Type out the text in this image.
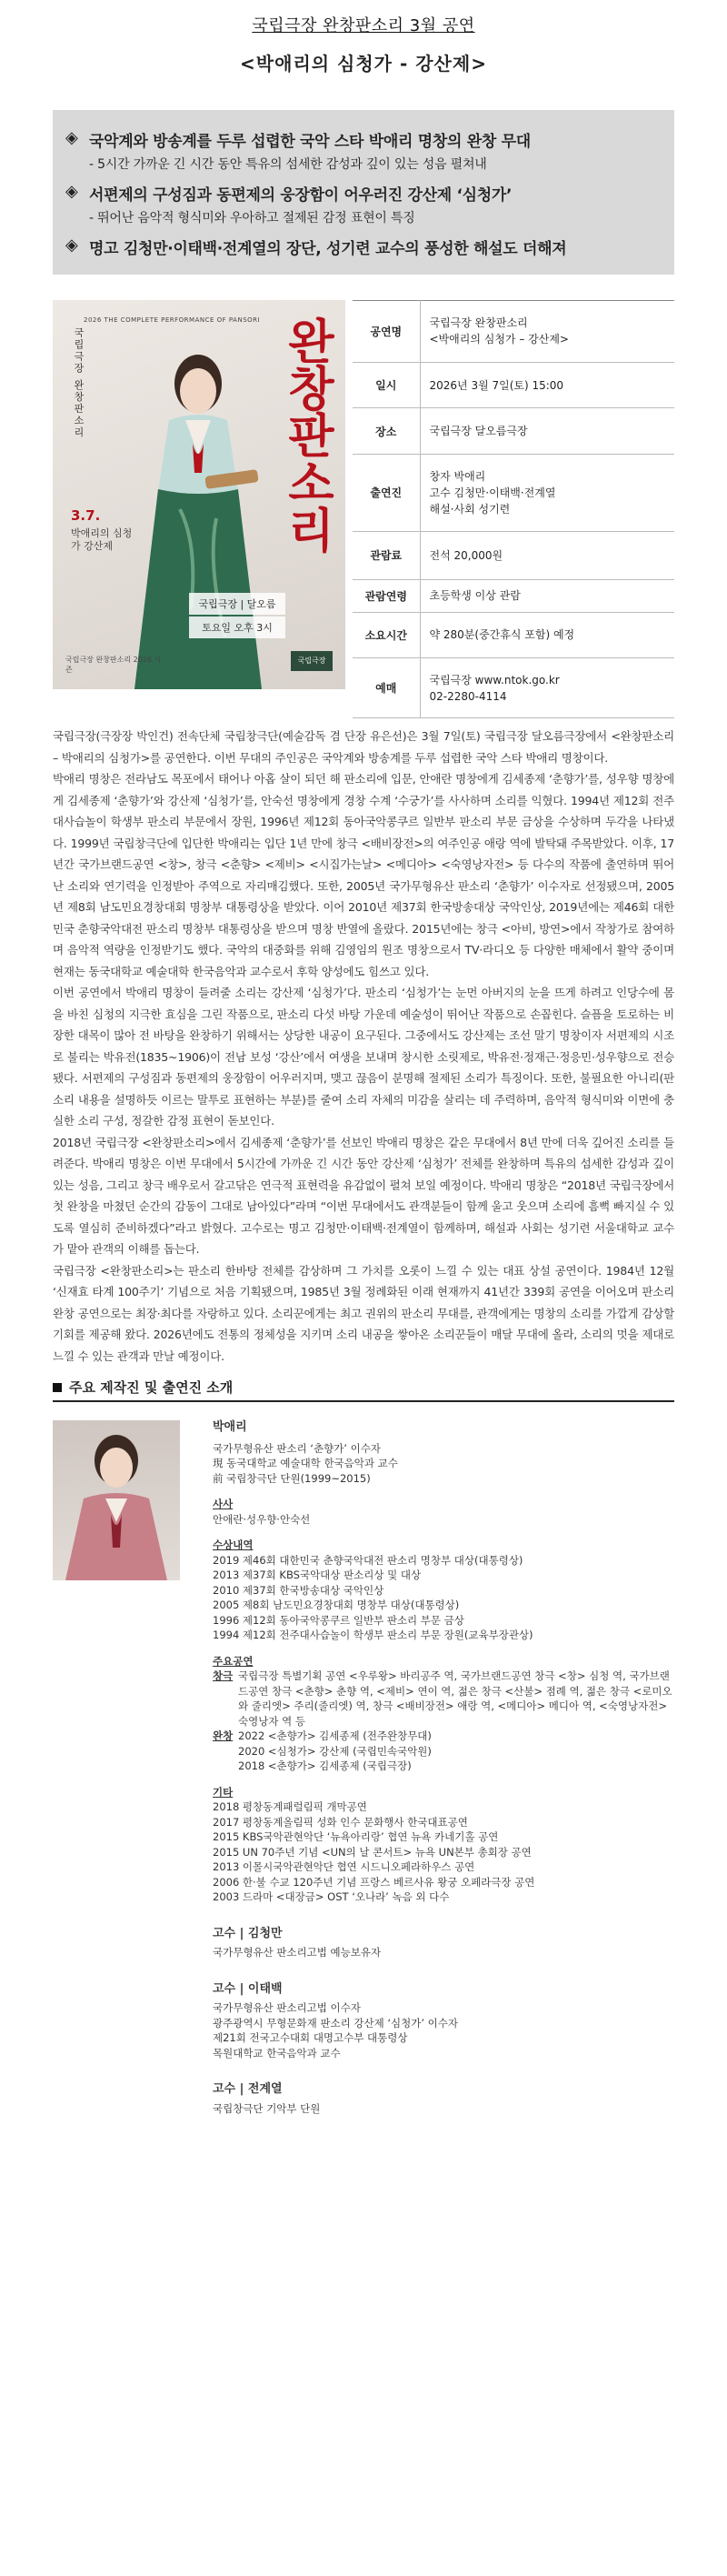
국립극장 완창판소리 3월 공연
<박애리의 심청가 - 강산제>
◈ 국악계와 방송계를 두루 섭렵한 국악 스타 박애리 명창의 완창 무대
- 5시간 가까운 긴 시간 동안 특유의 섬세한 감성과 깊이 있는 성음 펼쳐내
◈ 서편제의 구성짐과 동편제의 웅장함이 어우러진 강산제 ‘심청가’
- 뛰어난 음악적 형식미와 우아하고 절제된 감정 표현이 특징
◈ 명고 김청만·이태백·전계열의 장단, 성기련 교수의 풍성한 해설도 더해져
2026 THE COMPLETE PERFORMANCE OF PANSORI
국립극장 완창판소리	완창판소리
3.7.
박애리의 심청가 강산제
국립극장 | 달오름
토요일 오후 3시
국립극장 완창판소리 2026 시즌
국립극장
공연명	국립극장 완창판소리
<박애리의 심청가 – 강산제>

일시	2026년 3월 7일(토) 15:00
장소	국립극장 달오름극장
출연진	창자 박애리
고수 김청만·이태백·전계열
해설·사회 성기련

관람료	전석 20,000원
관람연령	초등학생 이상 관람
소요시간	약 280분(중간휴식 포함) 예정
예매	국립극장 www.ntok.go.kr
02-2280-4114

국립극장(극장장 박인건) 전속단체 국립창극단(예술감독 겸 단장 유은선)은 3월 7일(토) 국립극장 달오름극장에서 <완창판소리 – 박애리의 심청가>를 공연한다. 이번 무대의 주인공은 국악계와 방송계를 두루 섭렵한 국악 스타 박애리 명창이다.

박애리 명창은 전라남도 목포에서 태어나 아홉 살이 되던 해 판소리에 입문, 안애란 명창에게 김세종제 ‘춘향가’를, 성우향 명창에게 김세종제 ‘춘향가’와 강산제 ‘심청가’를, 안숙선 명창에게 경창 수계 ‘수궁가’를 사사하며 소리를 익혔다. 1994년 제12회 전주대사습놀이 학생부 판소리 부문에서 장원, 1996년 제12회 동아국악콩쿠르 일반부 판소리 부문 금상을 수상하며 두각을 나타냈다. 1999년 국립창극단에 입단한 박애리는 입단 1년 만에 창극 <배비장전>의 여주인공 애랑 역에 발탁돼 주목받았다. 이후, 17년간 국가브랜드공연 <창>, 창극 <춘향> <제비> <시집가는날> <메디아> <숙영낭자전> 등 다수의 작품에 출연하며 뛰어난 소리와 연기력을 인정받아 주역으로 자리매김했다. 또한, 2005년 국가무형유산 판소리 ‘춘향가’ 이수자로 선정됐으며, 2005년 제8회 남도민요경창대회 명창부 대통령상을 받았다. 이어 2010년 제37회 한국방송대상 국악인상, 2019년에는 제46회 대한민국 춘향국악대전 판소리 명창부 대통령상을 받으며 명창 반열에 올랐다. 2015년에는 창극 <아비, 방연>에서 작창가로 참여하며 음악적 역량을 인정받기도 했다. 국악의 대중화를 위해 김영임의 원조 명창으로서 TV·라디오 등 다양한 매체에서 활약 중이며 현재는 동국대학교 예술대학 한국음악과 교수로서 후학 양성에도 힘쓰고 있다.

이번 공연에서 박애리 명창이 들려줄 소리는 강산제 ‘심청가’다. 판소리 ‘심청가’는 눈먼 아버지의 눈을 뜨게 하려고 인당수에 몸을 바친 심청의 지극한 효심을 그린 작품으로, 판소리 다섯 바탕 가운데 예술성이 뛰어난 작품으로 손꼽힌다. 슬픔을 토로하는 비장한 대목이 많아 전 바탕을 완창하기 위해서는 상당한 내공이 요구된다. 그중에서도 강산제는 조선 말기 명창이자 서편제의 시조로 불리는 박유전(1835~1906)이 전남 보성 ‘강산’에서 여생을 보내며 창시한 소릿제로, 박유전·정재근·정응민·성우향으로 전승됐다. 서편제의 구성짐과 동편제의 웅장함이 어우러지며, 맺고 끊음이 분명해 절제된 소리가 특징이다. 또한, 불필요한 아니리(판소리 내용을 설명하듯 이르는 말투로 표현하는 부분)를 줄여 소리 자체의 미감을 살리는 데 주력하며, 음악적 형식미와 이면에 충실한 소리 구성, 정갈한 감정 표현이 돋보인다.

2018년 국립극장 <완창판소리>에서 김세종제 ‘춘향가’를 선보인 박애리 명창은 같은 무대에서 8년 만에 더욱 깊어진 소리를 들려준다. 박애리 명창은 이번 무대에서 5시간에 가까운 긴 시간 동안 강산제 ‘심청가’ 전체를 완창하며 특유의 섬세한 감성과 깊이 있는 성음, 그리고 창극 배우로서 갈고닦은 연극적 표현력을 유감없이 펼쳐 보일 예정이다. 박애리 명창은 “2018년 국립극장에서 첫 완창을 마쳤던 순간의 감동이 그대로 남아있다”라며 “이번 무대에서도 관객분들이 함께 울고 웃으며 소리에 흠뻑 빠지실 수 있도록 열심히 준비하겠다”라고 밝혔다. 고수로는 명고 김청만·이태백·전계열이 함께하며, 해설과 사회는 성기련 서울대학교 교수가 맡아 관객의 이해를 돕는다.

국립극장 <완창판소리>는 판소리 한바탕 전체를 감상하며 그 가치를 오롯이 느낄 수 있는 대표 상설 공연이다. 1984년 12월 ‘신재효 타계 100주기’ 기념으로 처음 기획됐으며, 1985년 3월 정례화된 이래 현재까지 41년간 339회 공연을 이어오며 판소리 완창 공연으로는 최장·최다를 자랑하고 있다. 소리꾼에게는 최고 권위의 판소리 무대를, 관객에게는 명창의 소리를 가깝게 감상할 기회를 제공해 왔다. 2026년에도 전통의 정체성을 지키며 소리 내공을 쌓아온 소리꾼들이 매달 무대에 올라, 소리의 멋을 제대로 느낄 수 있는 관객과 만날 예정이다.

주요 제작진 및 출연진 소개
박애리
국가무형유산 판소리 ‘춘향가’ 이수자
現 동국대학교 예술대학 한국음악과 교수
前 국립창극단 단원(1999~2015)
사사
안애란·성우향·안숙선
수상내역
2019 제46회 대한민국 춘향국악대전 판소리 명창부 대상(대통령상)
2013 제37회 KBS국악대상 판소리상 및 대상
2010 제37회 한국방송대상 국악인상
2005 제8회 남도민요경창대회 명창부 대상(대통령상)
1996 제12회 동아국악콩쿠르 일반부 판소리 부문 금상
1994 제12회 전주대사습놀이 학생부 판소리 부문 장원(교육부장관상)
주요공연
창극 국립극장 특별기획 공연 <우루왕> 바리공주 역, 국가브랜드공연 창극 <창> 심청 역, 국가브랜드공연 창극 <춘향> 춘향 역, <제비> 연이 역, 젊은 창극 <산불> 점례 역, 젊은 창극 <로미오와 줄리엣> 주리(줄리엣) 역, 창극 <배비장전> 애랑 역, <메디아> 메디아 역, <숙영낭자전> 숙영낭자 역 등
완창 2022 <춘향가> 김세종제 (전주완창무대)
2020 <심청가> 강산제 (국립민속국악원)
2018 <춘향가> 김세종제 (국립극장)
기타
2018 평창동계패럴림픽 개막공연
2017 평창동계올림픽 성화 인수 문화행사 한국대표공연
2015 KBS국악관현악단 ‘뉴욕아리랑’ 협연 뉴욕 카네기홀 공연
2015 UN 70주년 기념 <UN의 날 콘서트> 뉴욕 UN본부 총회장 공연
2013 이몰시국악관현악단 협연 시드니오페라하우스 공연
2006 한·불 수교 120주년 기념 프랑스 베르사유 왕궁 오페라극장 공연
2003 드라마 <대장금> OST ‘오나라’ 녹음 외 다수
고수 | 김청만
국가무형유산 판소리고법 예능보유자
고수 | 이태백
국가무형유산 판소리고법 이수자
광주광역시 무형문화재 판소리 강산제 ‘심청가’ 이수자
제21회 전국고수대회 대명고수부 대통령상
목원대학교 한국음악과 교수
고수 | 전계열
국립창극단 기악부 단원
